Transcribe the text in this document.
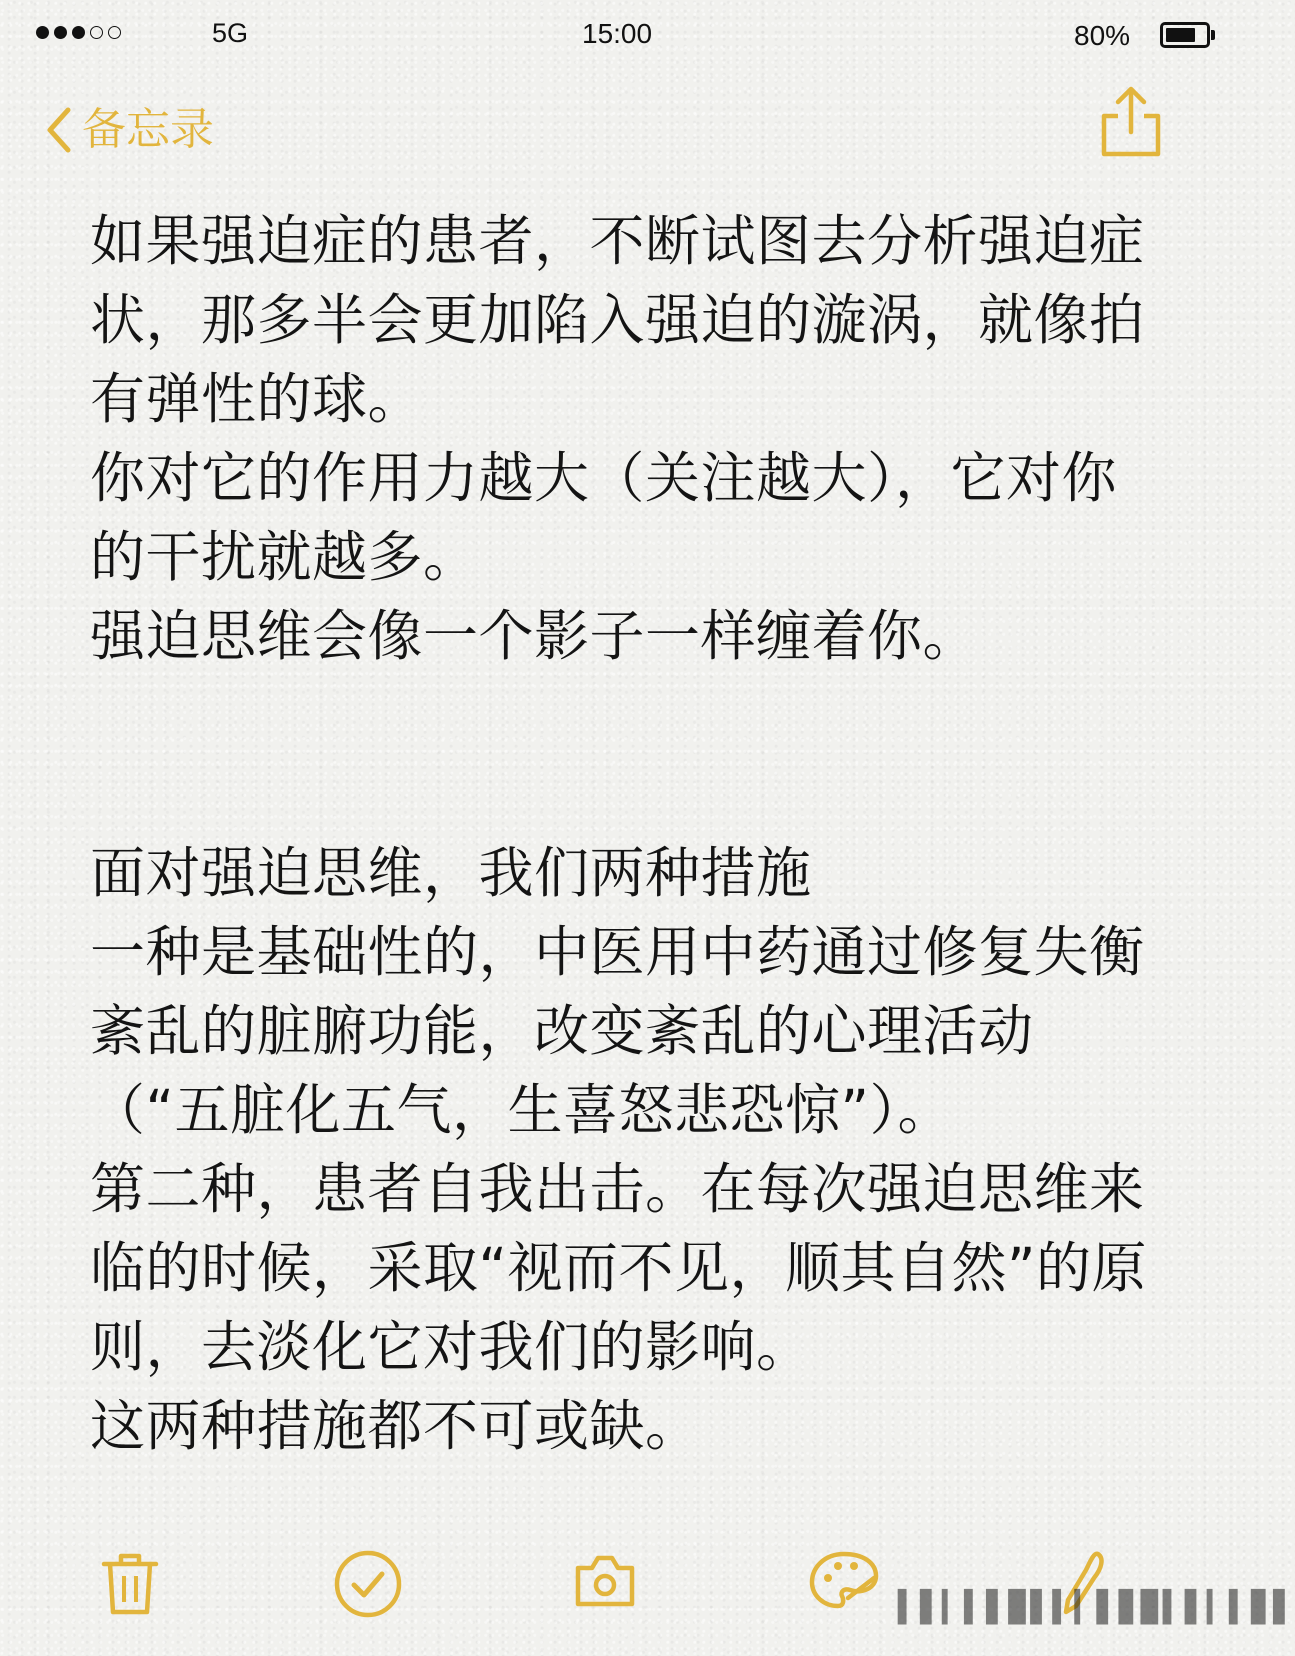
5G	15:00	80%
备忘录

如果强迫症的患者，不断试图去分析强迫症状，那多半会更加陷入强迫的漩涡，就像拍有弹性的球。

你对它的作用力越大（关注越大），它对你的干扰就越多。

强迫思维会像一个影子一样缠着你。

面对强迫思维，我们两种措施

一种是基础性的，中医用中药通过修复失衡紊乱的脏腑功能，改变紊乱的心理活动（“五脏化五气，生喜怒悲恐惊”）。

第二种，患者自我出击。在每次强迫思维来临的时候，采取“视而不见，顺其自然”的原则，去淡化它对我们的影响。

这两种措施都不可或缺。

▍▌▎▍▌▊▌▍▎▌▋▊▍▌▎▍▋▌
